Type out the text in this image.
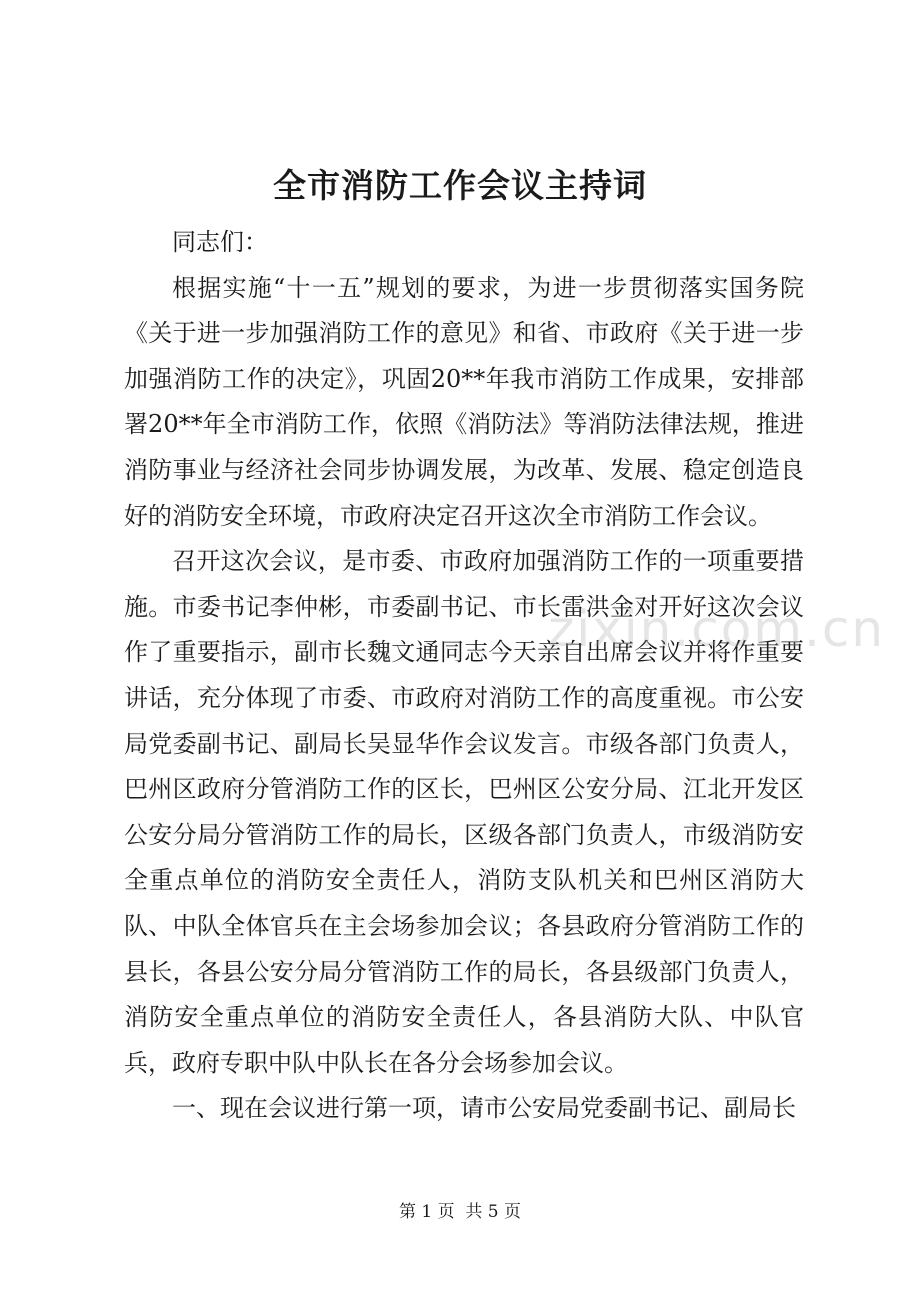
全市消防工作会议主持词

同志们：

根据实施“十一五”规划的要求，为进一步贯彻落实国务院《关于进一步加强消防工作的意见》和省、市政府《关于进一步加强消防工作的决定》，巩固20**年我市消防工作成果，安排部署20**年全市消防工作，依照《消防法》等消防法律法规，推进消防事业与经济社会同步协调发展，为改革、发展、稳定创造良好的消防安全环境，市政府决定召开这次全市消防工作会议。

召开这次会议，是市委、市政府加强消防工作的一项重要措施。市委书记李仲彬，市委副书记、市长雷洪金对开好这次会议作了重要指示，副市长魏文通同志今天亲自出席会议并将作重要讲话，充分体现了市委、市政府对消防工作的高度重视。市公安局党委副书记、副局长吴显华作会议发言。市级各部门负责人，巴州区政府分管消防工作的区长，巴州区公安分局、江北开发区公安分局分管消防工作的局长，区级各部门负责人，市级消防安全重点单位的消防安全责任人，消防支队机关和巴州区消防大队、中队全体官兵在主会场参加会议；各县政府分管消防工作的县长，各县公安分局分管消防工作的局长，各县级部门负责人，消防安全重点单位的消防安全责任人，各县消防大队、中队官兵，政府专职中队中队长在各分会场参加会议。

一、现在会议进行第一项，请市公安局党委副书记、副局长

zixin.com.cn
第 1 页  共 5 页
